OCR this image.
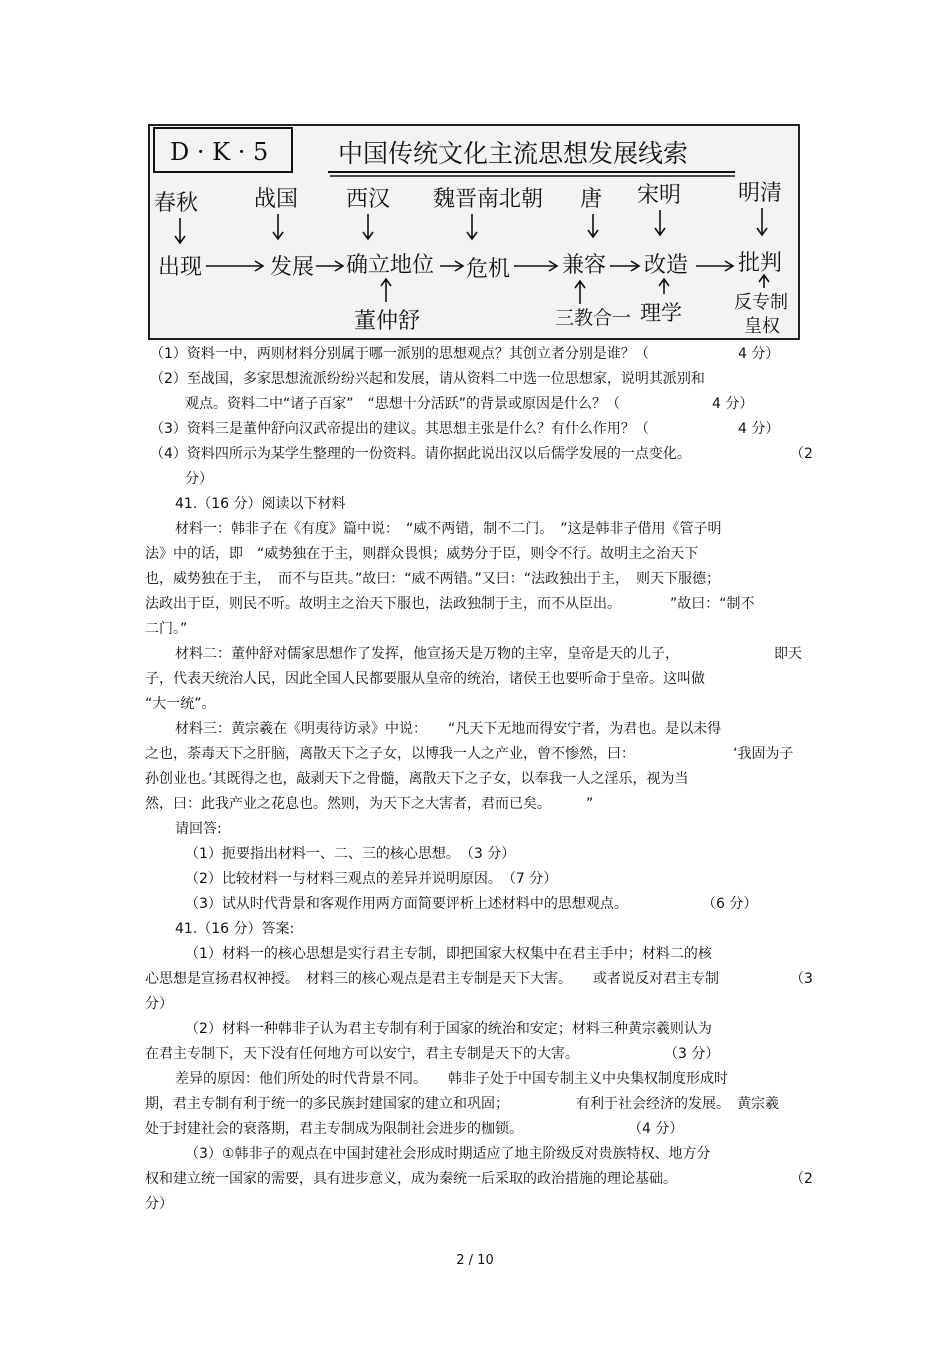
D · K · 5	中国传统文化主流思想发展线索
春秋	战国 西汉 魏晋南北朝 唐 宋明	明清
出现	发展 确立地位 危机 兼容 改造 批判
董仲舒	三教合一 理学	反专制
皇权
（1）资料一中，两则材料分别属于哪一派别的思想观点？其创立者分别是谁？（	4 分）
（2）至战国，多家思想流派纷纷兴起和发展，请从资料二中选一位思想家，说明其派别和
观点。资料二中“诸子百家”　“思想十分活跃”的背景或原因是什么？（	4 分）
（3）资料三是董仲舒向汉武帝提出的建议。其思想主张是什么？有什么作用？（	4 分）
（4）资料四所示为某学生整理的一份资料。请你据此说出汉以后儒学发展的一点变化。	（2
分）
41.（16 分）阅读以下材料
材料一：韩非子在《有度》篇中说：　“威不两错，制不二门。　”这是韩非子借用《管子明
法》中的话，即　“威势独在于主，则群众畏惧；威势分于臣，则令不行。故明主之治天下
也，威势独在于主，　而不与臣共。”故曰：“威不两错。”又曰：“法政独出于主，　则天下服德；
法政出于臣，则民不听。故明主之治天下服也，法政独制于主，而不从臣出。　　　　”故曰：“制不
二门。”
材料二：董仲舒对儒家思想作了发挥，他宣扬天是万物的主宰，皇帝是天的儿子，	即天
子，代表天统治人民，因此全国人民都要服从皇帝的统治，诸侯王也要听命于皇帝。这叫做
“大一统”。
材料三：黄宗羲在《明夷待访录》中说：　　“凡天下无地而得安宁者，为君也。是以未得
之也，荼毒天下之肝脑，离散天下之子女，以博我一人之产业，曾不惨然，曰：	‘我固为子
孙创业也。’其既得之也，敲剥天下之骨髓，离散天下之子女，以奉我一人之淫乐，视为当
然，曰：此我产业之花息也。然则，为天下之大害者，君而已矣。　　　”
请回答:
（1）扼要指出材料一、二、三的核心思想。　（3 分）
（2）比较材料一与材料三观点的差异并说明原因。　（7 分）
（3）试从时代背景和客观作用两方面简要评析上述材料中的思想观点。	（6 分）
41.（16 分）答案:
（1）材料一的核心思想是实行君主专制，即把国家大权集中在君主手中；材料二的核
心思想是宣扬君权神授。　材料三的核心观点是君主专制是天下大害。　　或者说反对君主专制	（3
分）
（2）材料一种韩非子认为君主专制有利于国家的统治和安定；材料三种黄宗羲则认为
在君主专制下，天下没有任何地方可以安宁，君主专制是天下的大害。	（3 分）
差异的原因：他们所处的时代背景不同。　　韩非子处于中国专制主义中央集权制度形成时
期，君主专制有利于统一的多民族封建国家的建立和巩固；	有利于社会经济的发展。　黄宗羲
处于封建社会的衰落期，君主专制成为限制社会进步的枷锁。	（4 分）
（3）①韩非子的观点在中国封建社会形成时期适应了地主阶级反对贵族特权、地方分
权和建立统一国家的需要，具有进步意义，成为秦统一后采取的政治措施的理论基础。	（2
分）
2 / 10
